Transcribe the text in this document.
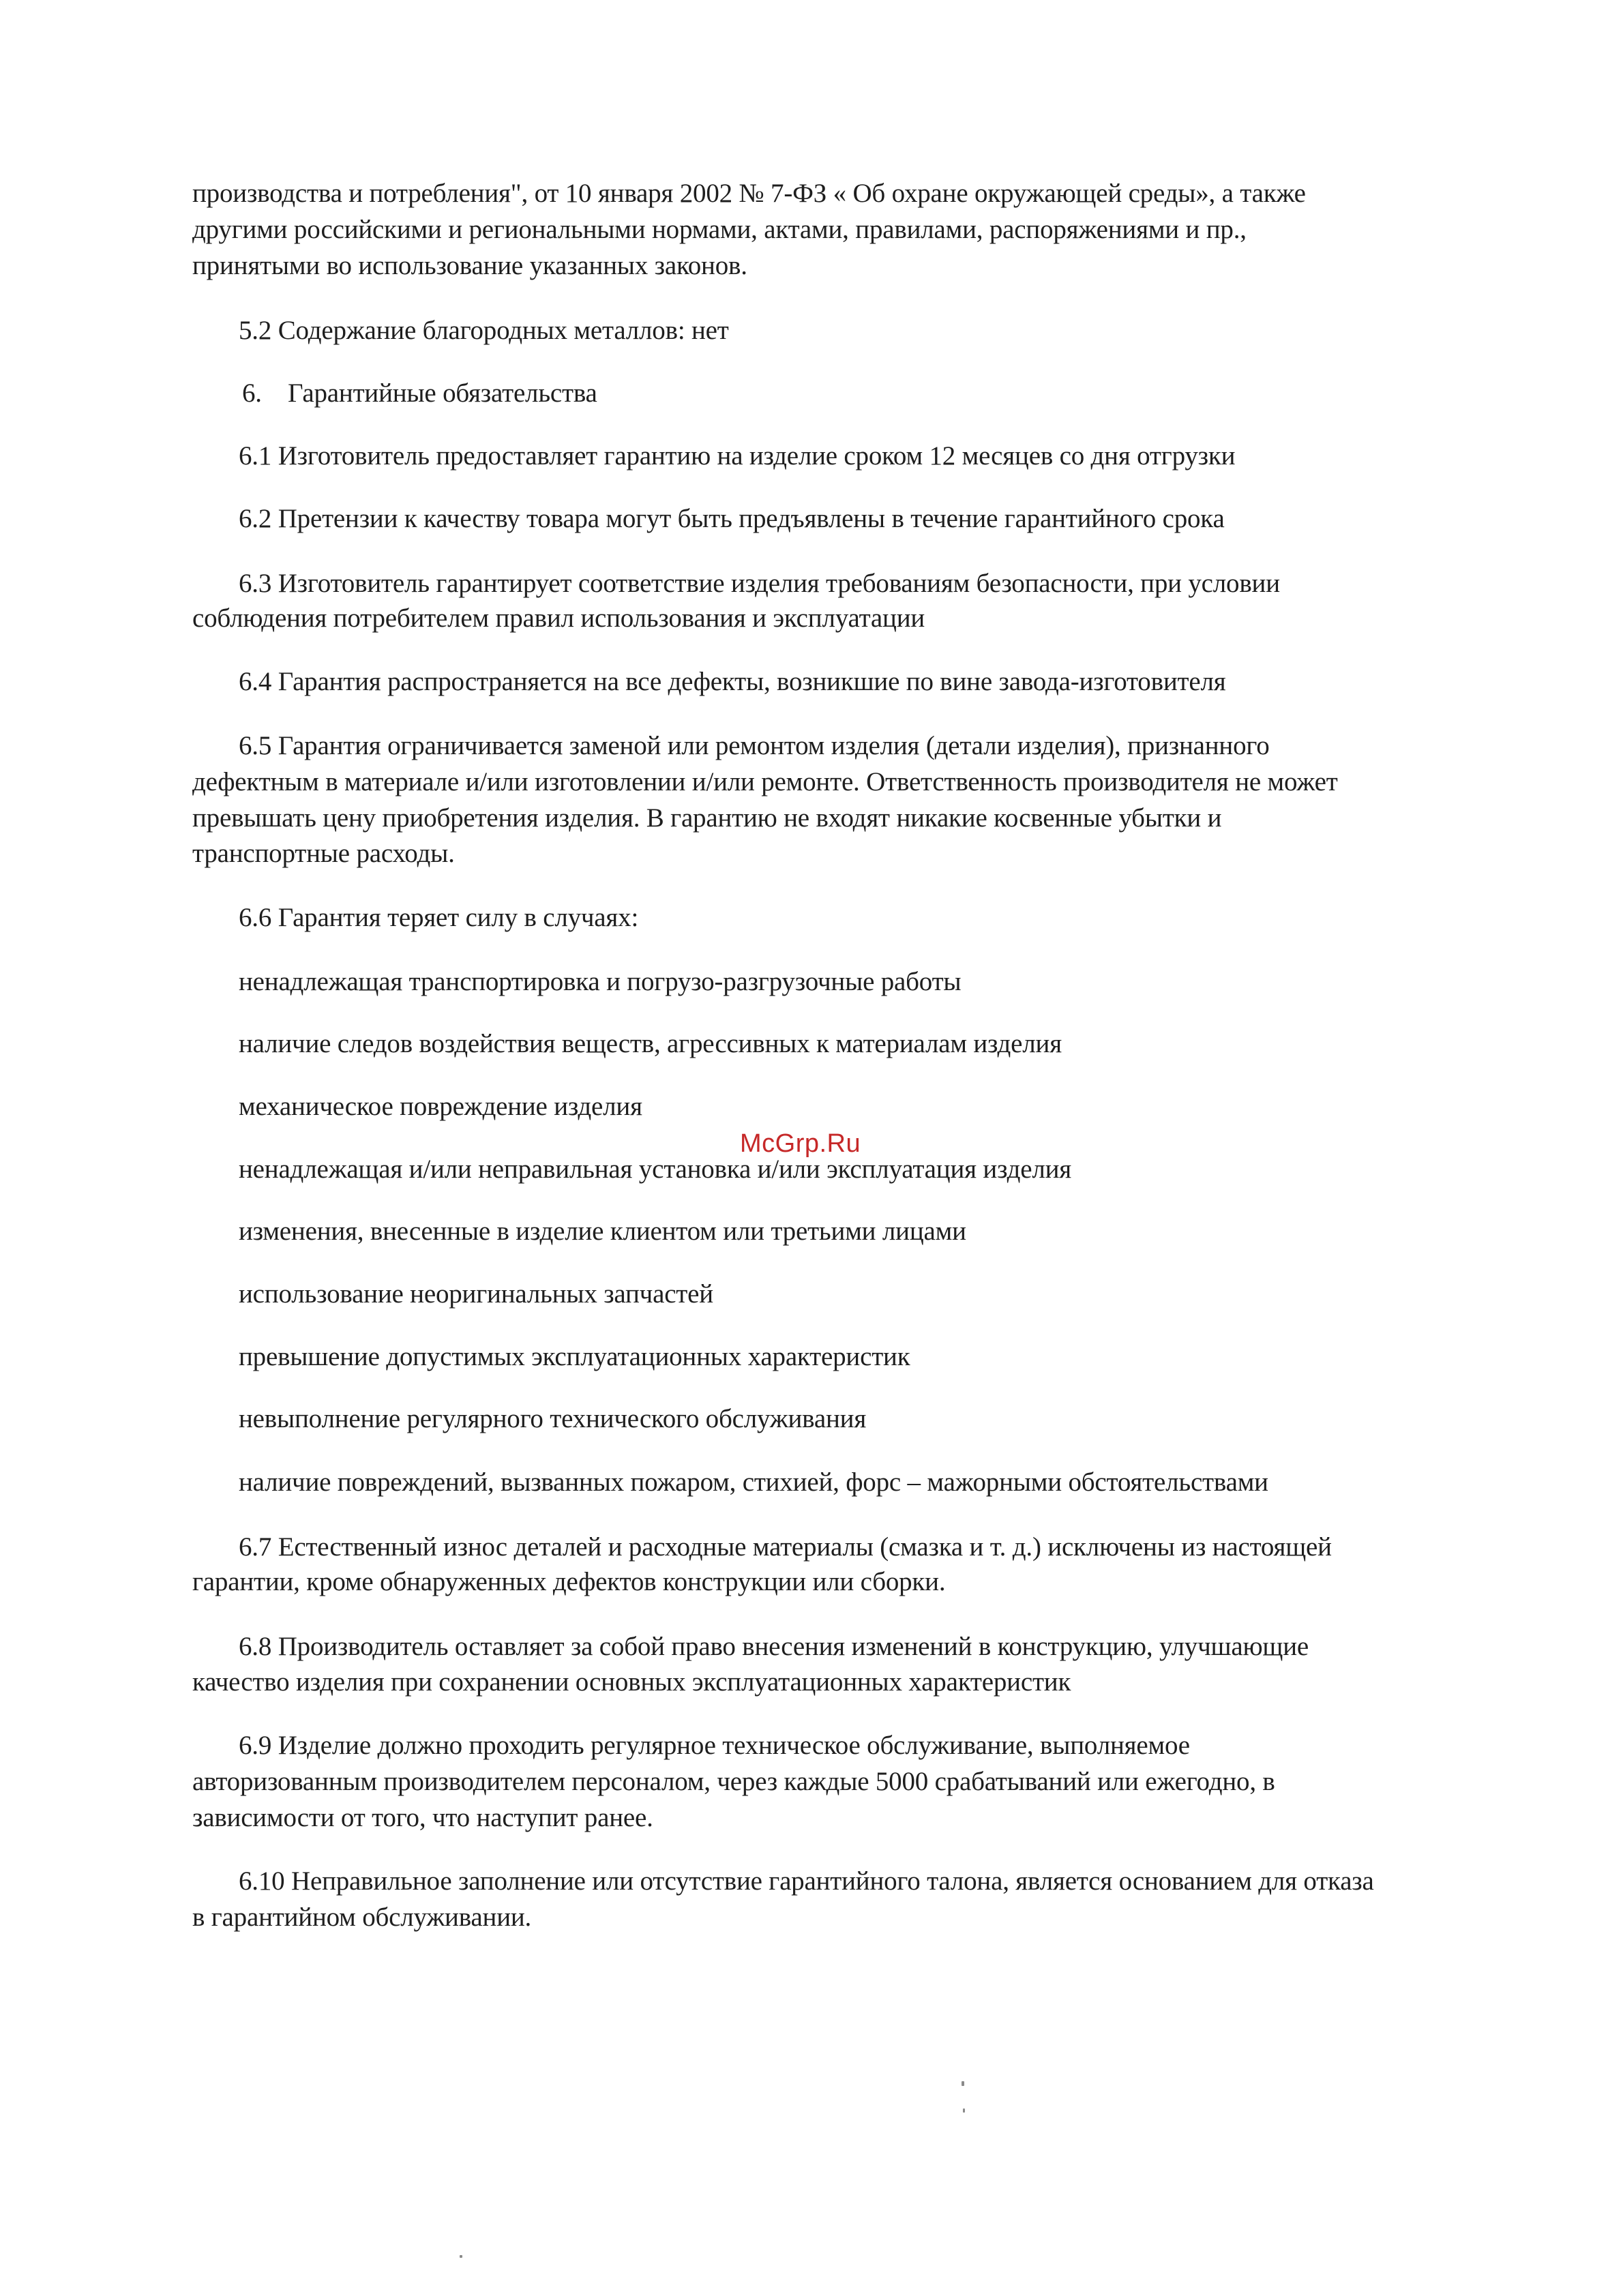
производства и потребления", от 10 января 2002 № 7-ФЗ « Об охране окружающей среды», а также
другими российскими и региональными нормами, актами, правилами, распоряжениями и пр.,
принятыми во использование указанных законов.
5.2 Содержание благородных металлов: нет
6. Гарантийные обязательства
6.1 Изготовитель предоставляет гарантию на изделие сроком 12 месяцев со дня отгрузки
6.2 Претензии к качеству товара могут быть предъявлены в течение гарантийного срока
6.3 Изготовитель гарантирует соответствие изделия требованиям безопасности, при условии
соблюдения потребителем правил использования и эксплуатации
6.4 Гарантия распространяется на все дефекты, возникшие по вине завода-изготовителя
6.5 Гарантия ограничивается заменой или ремонтом изделия (детали изделия), признанного
дефектным в материале и/или изготовлении и/или ремонте. Ответственность производителя не может
превышать цену приобретения изделия. В гарантию не входят никакие косвенные убытки и
транспортные расходы.
6.6 Гарантия теряет силу в случаях:
ненадлежащая транспортировка и погрузо-разгрузочные работы
наличие следов воздействия веществ, агрессивных к материалам изделия
механическое повреждение изделия
ненадлежащая и/или неправильная установка и/или эксплуатация изделия
изменения, внесенные в изделие клиентом или третьими лицами
использование неоригинальных запчастей
превышение допустимых эксплуатационных характеристик
невыполнение регулярного технического обслуживания
наличие повреждений, вызванных пожаром, стихией, форс – мажорными обстоятельствами
6.7 Естественный износ деталей и расходные материалы (смазка и т. д.) исключены из настоящей
гарантии, кроме обнаруженных дефектов конструкции или сборки.
6.8 Производитель оставляет за собой право внесения изменений в конструкцию, улучшающие
качество изделия при сохранении основных эксплуатационных характеристик
6.9 Изделие должно проходить регулярное техническое обслуживание, выполняемое
авторизованным производителем персоналом, через каждые 5000 срабатываний или ежегодно, в
зависимости от того, что наступит ранее.
6.10 Неправильное заполнение или отсутствие гарантийного талона, является основанием для отказа
в гарантийном обслуживании.
McGrp.Ru
